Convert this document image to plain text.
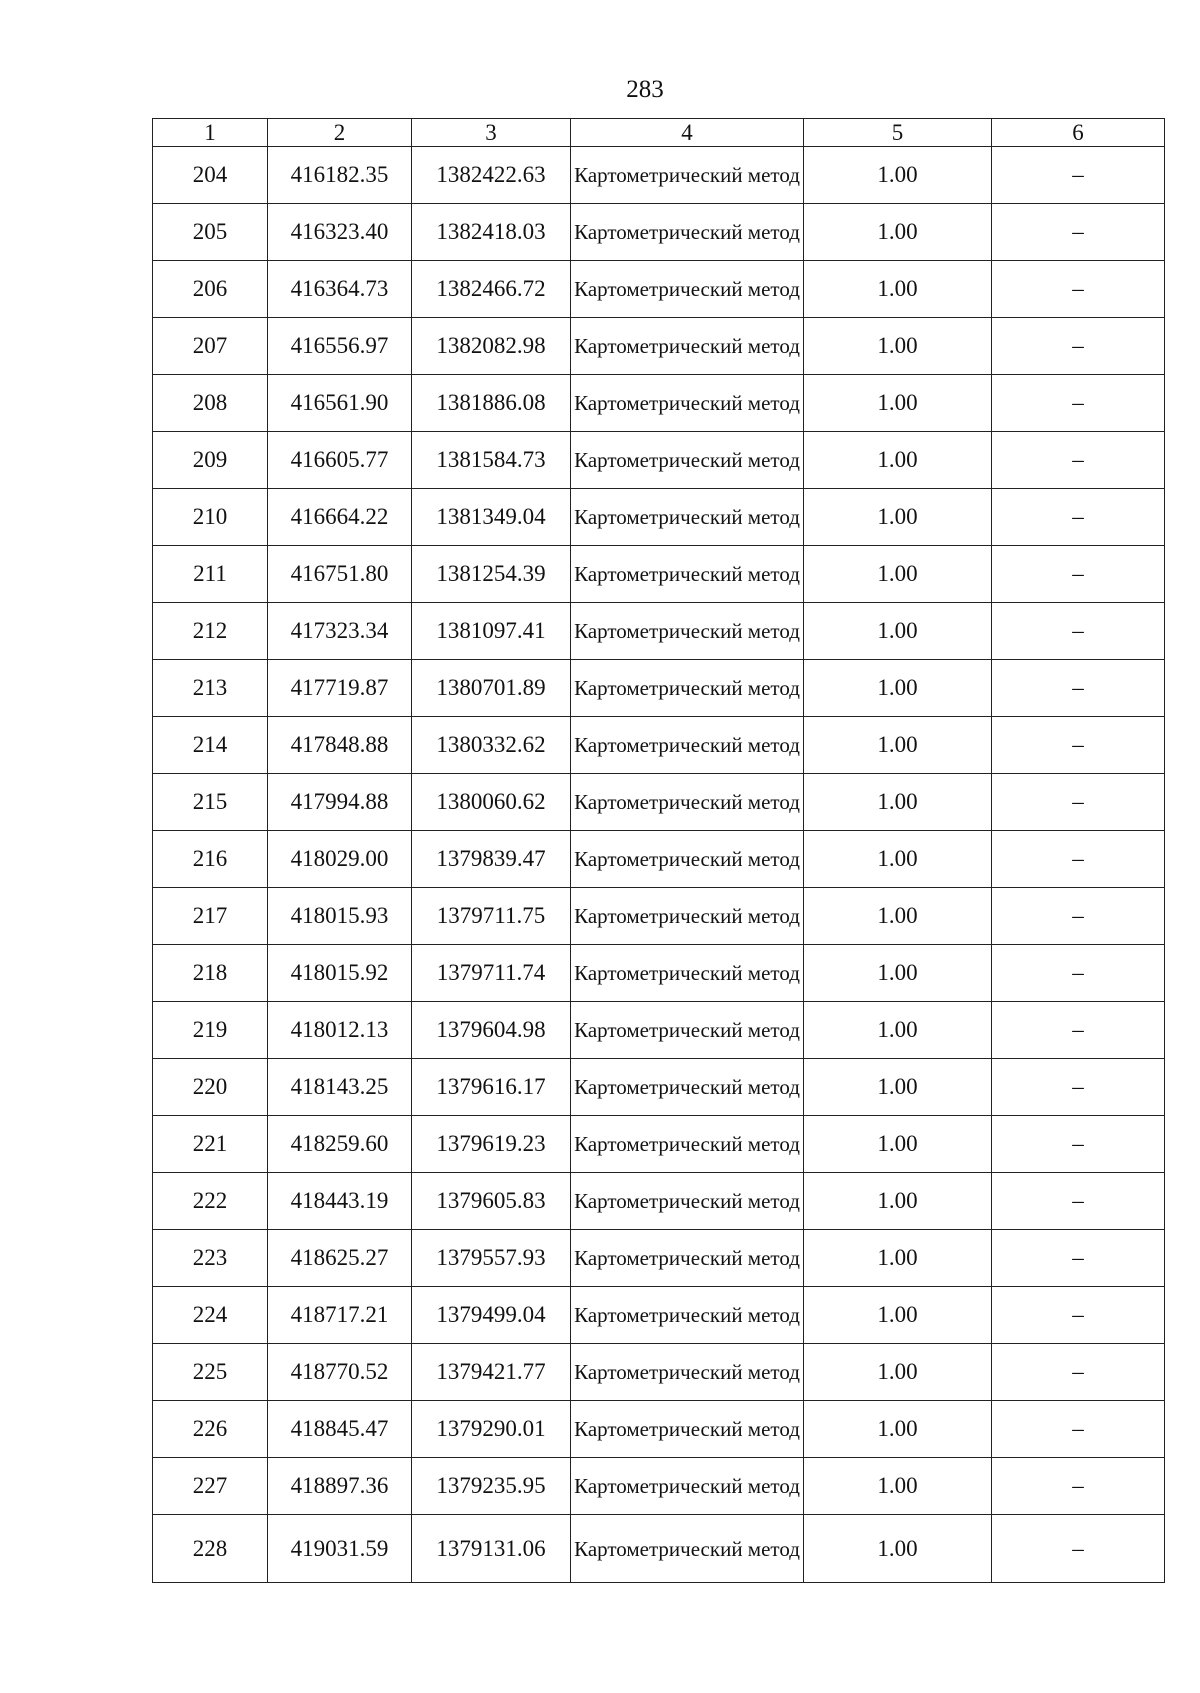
283
1	2	3	4	5	6
204	416182.35	1382422.63	Картометрический метод	1.00	–
205	416323.40	1382418.03	Картометрический метод	1.00	–
206	416364.73	1382466.72	Картометрический метод	1.00	–
207	416556.97	1382082.98	Картометрический метод	1.00	–
208	416561.90	1381886.08	Картометрический метод	1.00	–
209	416605.77	1381584.73	Картометрический метод	1.00	–
210	416664.22	1381349.04	Картометрический метод	1.00	–
211	416751.80	1381254.39	Картометрический метод	1.00	–
212	417323.34	1381097.41	Картометрический метод	1.00	–
213	417719.87	1380701.89	Картометрический метод	1.00	–
214	417848.88	1380332.62	Картометрический метод	1.00	–
215	417994.88	1380060.62	Картометрический метод	1.00	–
216	418029.00	1379839.47	Картометрический метод	1.00	–
217	418015.93	1379711.75	Картометрический метод	1.00	–
218	418015.92	1379711.74	Картометрический метод	1.00	–
219	418012.13	1379604.98	Картометрический метод	1.00	–
220	418143.25	1379616.17	Картометрический метод	1.00	–
221	418259.60	1379619.23	Картометрический метод	1.00	–
222	418443.19	1379605.83	Картометрический метод	1.00	–
223	418625.27	1379557.93	Картометрический метод	1.00	–
224	418717.21	1379499.04	Картометрический метод	1.00	–
225	418770.52	1379421.77	Картометрический метод	1.00	–
226	418845.47	1379290.01	Картометрический метод	1.00	–
227	418897.36	1379235.95	Картометрический метод	1.00	–
228	419031.59	1379131.06	Картометрический метод	1.00	–
